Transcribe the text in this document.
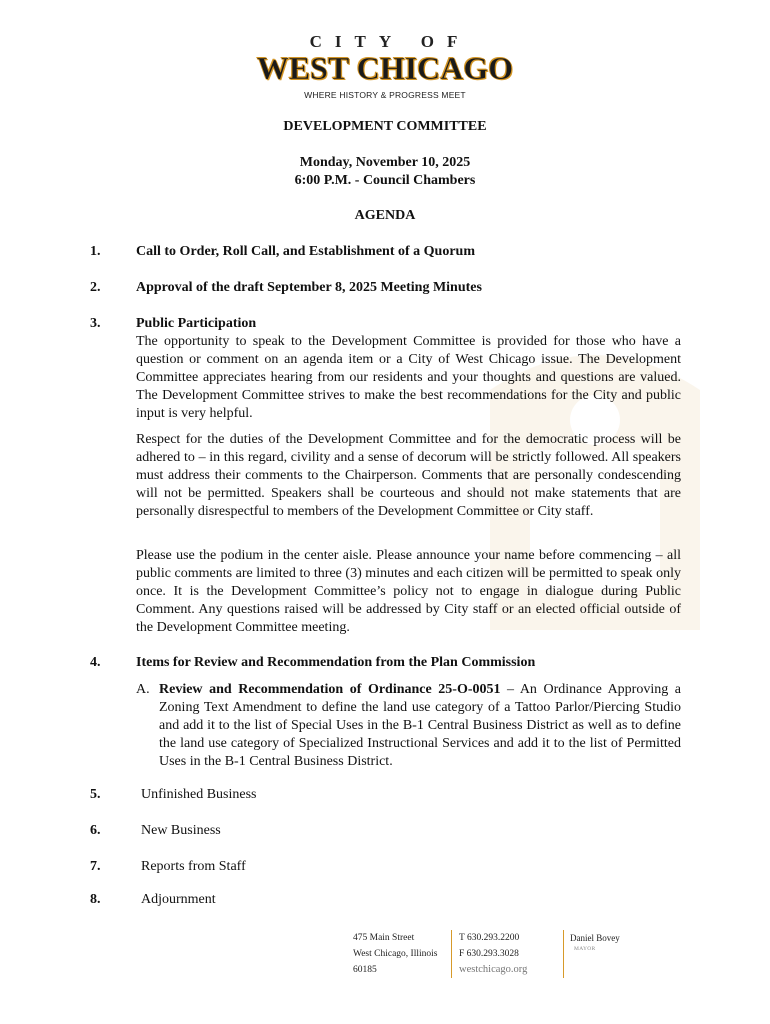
CITY OF
WEST CHICAGO
WHERE HISTORY & PROGRESS MEET
DEVELOPMENT COMMITTEE
Monday, November 10, 2025
6:00 P.M. - Council Chambers
AGENDA
1.	Call to Order, Roll Call, and Establishment of a Quorum
2.	Approval of the draft September 8, 2025 Meeting Minutes
3.	Public Participation
The opportunity to speak to the Development Committee is provided for those who have a question or comment on an agenda item or a City of West Chicago issue. The Development Committee appreciates hearing from our residents and your thoughts and questions are valued. The Development Committee strives to make the best recommendations for the City and public input is very helpful.
Respect for the duties of the Development Committee and for the democratic process will be adhered to – in this regard, civility and a sense of decorum will be strictly followed. All speakers must address their comments to the Chairperson. Comments that are personally condescending will not be permitted. Speakers shall be courteous and should not make statements that are personally disrespectful to members of the Development Committee or City staff.
Please use the podium in the center aisle. Please announce your name before commencing – all public comments are limited to three (3) minutes and each citizen will be permitted to speak only once. It is the Development Committee’s policy not to engage in dialogue during Public Comment. Any questions raised will be addressed by City staff or an elected official outside of the Development Committee meeting.
4.	Items for Review and Recommendation from the Plan Commission
A. Review and Recommendation of Ordinance 25-O-0051 – An Ordinance Approving a Zoning Text Amendment to define the land use category of a Tattoo Parlor/Piercing Studio and add it to the list of Special Uses in the B-1 Central Business District as well as to define the land use category of Specialized Instructional Services and add it to the list of Permitted Uses in the B-1 Central Business District.
5.	Unfinished Business
6.	New Business
7.	Reports from Staff
8.	Adjournment
475 Main Street
West Chicago, Illinois
60185
T 630.293.2200
F 630.293.3028
westchicago.org
Daniel Bovey
MAYOR
